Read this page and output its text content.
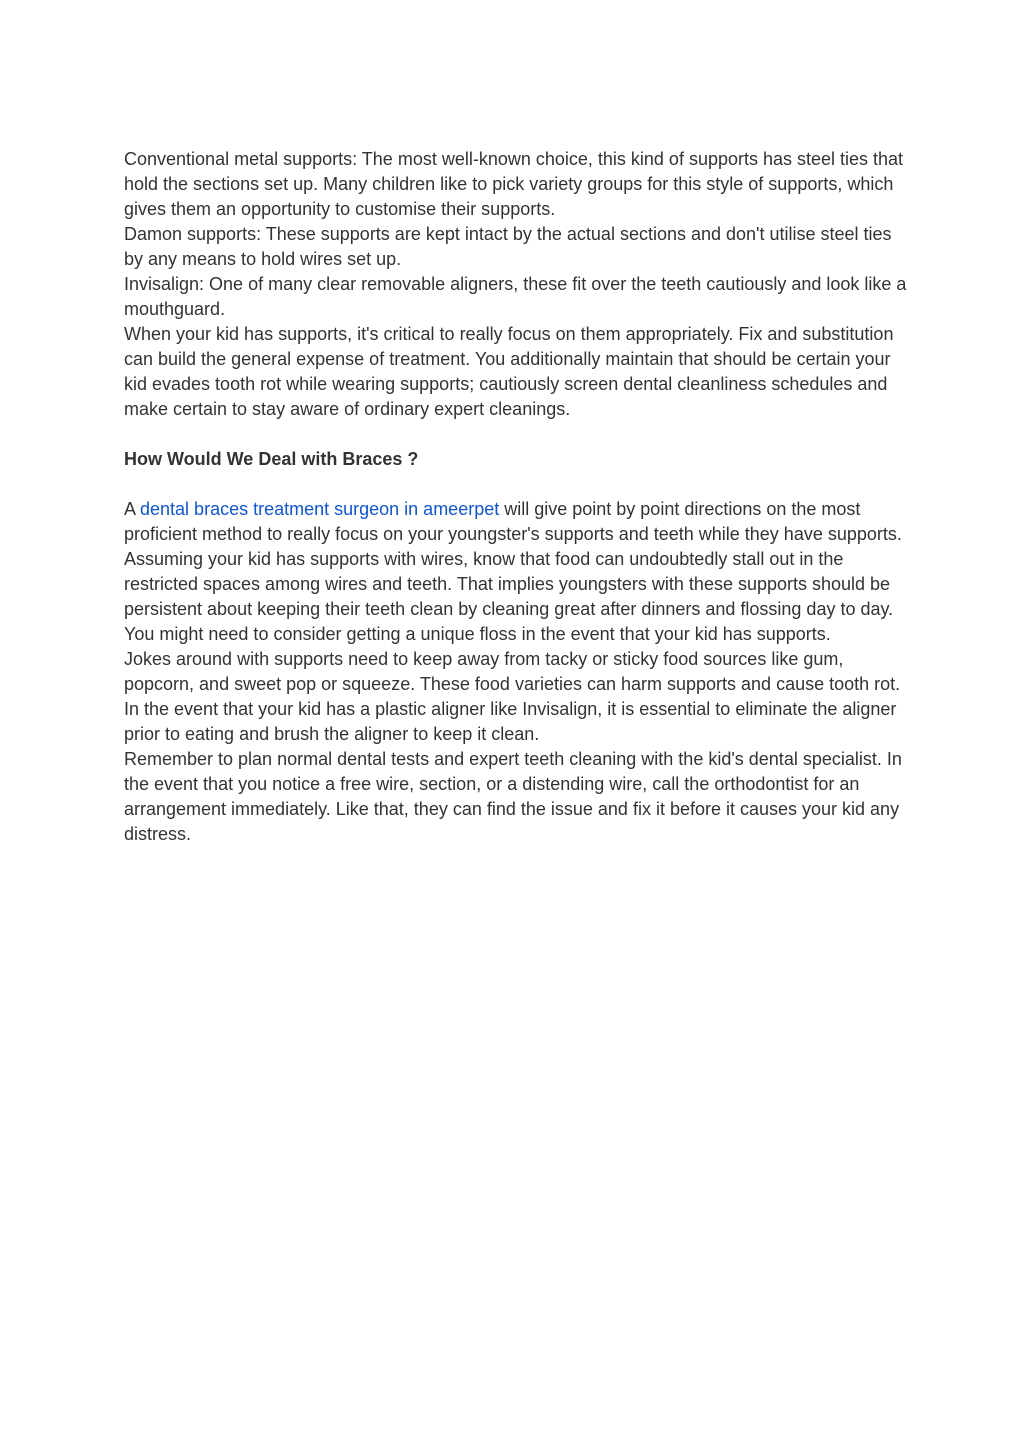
Conventional metal supports: The most well-known choice, this kind of supports has steel ties that hold the sections set up. Many children like to pick variety groups for this style of supports, which gives them an opportunity to customise their supports.

Damon supports: These supports are kept intact by the actual sections and don't utilise steel ties by any means to hold wires set up.

Invisalign: One of many clear removable aligners, these fit over the teeth cautiously and look like a mouthguard.

When your kid has supports, it's critical to really focus on them appropriately. Fix and substitution can build the general expense of treatment. You additionally maintain that should be certain your kid evades tooth rot while wearing supports; cautiously screen dental cleanliness schedules and make certain to stay aware of ordinary expert cleanings.

How Would We Deal with Braces ?

A dental braces treatment surgeon in ameerpet will give point by point directions on the most proficient method to really focus on your youngster's supports and teeth while they have supports.

Assuming your kid has supports with wires, know that food can undoubtedly stall out in the restricted spaces among wires and teeth. That implies youngsters with these supports should be persistent about keeping their teeth clean by cleaning great after dinners and flossing day to day. You might need to consider getting a unique floss in the event that your kid has supports.

Jokes around with supports need to keep away from tacky or sticky food sources like gum, popcorn, and sweet pop or squeeze. These food varieties can harm supports and cause tooth rot.

In the event that your kid has a plastic aligner like Invisalign, it is essential to eliminate the aligner prior to eating and brush the aligner to keep it clean.

Remember to plan normal dental tests and expert teeth cleaning with the kid's dental specialist. In the event that you notice a free wire, section, or a distending wire, call the orthodontist for an arrangement immediately. Like that, they can find the issue and fix it before it causes your kid any distress.
